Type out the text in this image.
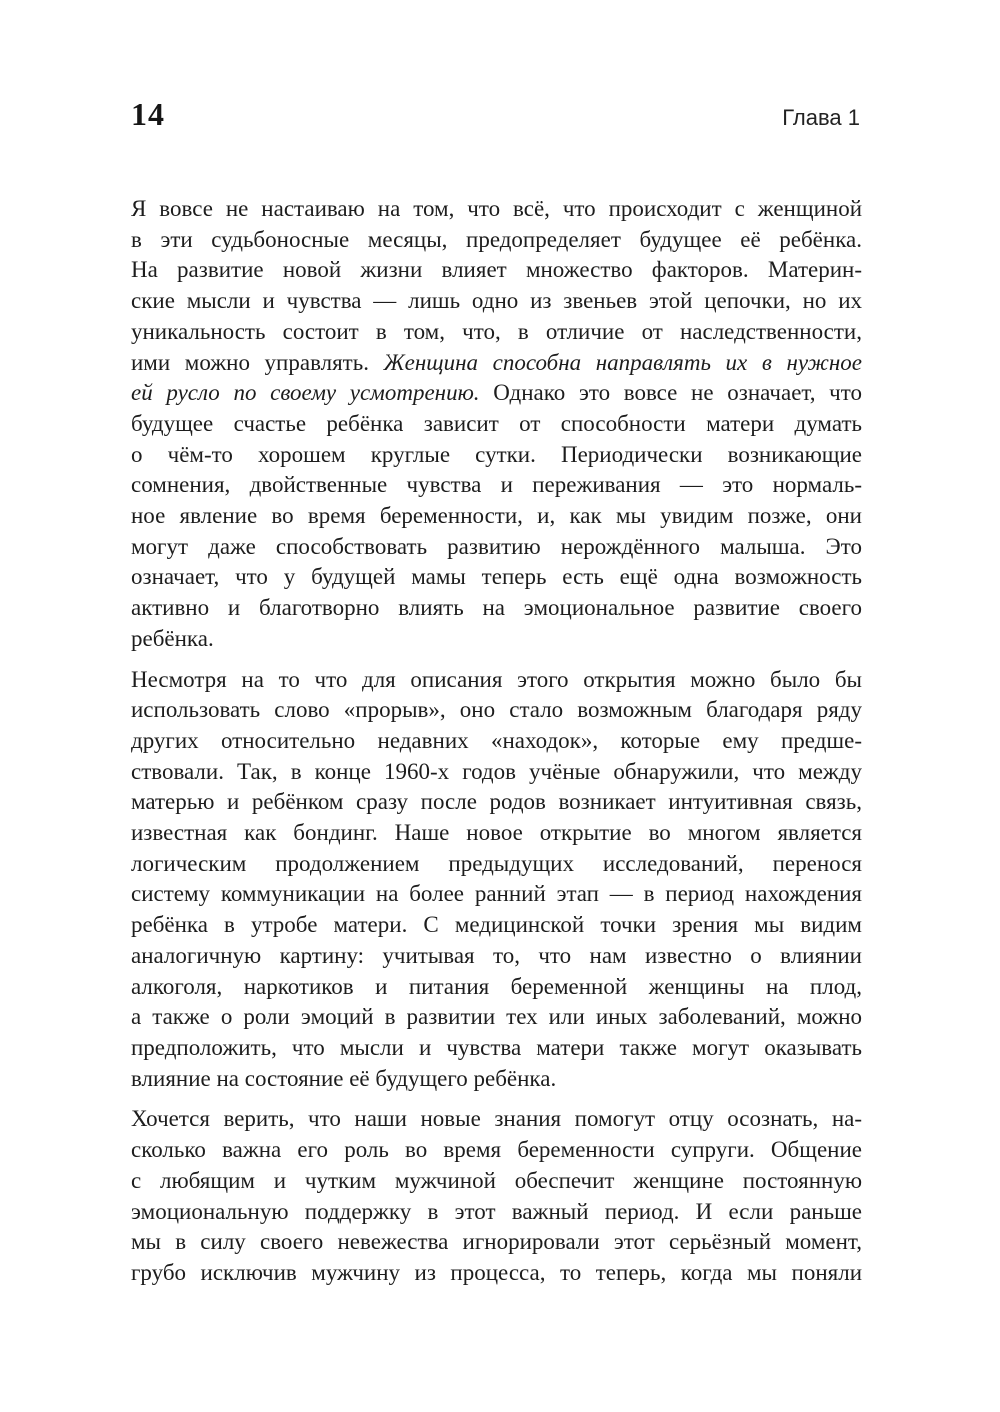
14	Глава 1
Я вовсе не настаиваю на том, что всё, что происходит с женщиной
в эти судьбоносные месяцы, предопределяет будущее её ребёнка.
На развитие новой жизни влияет множество факторов. Материн-
ские мысли и чувства — лишь одно из звеньев этой цепочки, но их
уникальность состоит в том, что, в отличие от наследственности,
ими можно управлять. Женщина способна направлять их в нужное
ей русло по своему усмотрению. Однако это вовсе не означает, что
будущее счастье ребёнка зависит от способности матери думать
о чём-то хорошем круглые сутки. Периодически возникающие
сомнения, двойственные чувства и переживания — это нормаль-
ное явление во время беременности, и, как мы увидим позже, они
могут даже способствовать развитию нерождённого малыша. Это
означает, что у будущей мамы теперь есть ещё одна возможность
активно и благотворно влиять на эмоциональное развитие своего
ребёнка.
Несмотря на то что для описания этого открытия можно было бы
использовать слово «прорыв», оно стало возможным благодаря ряду
других относительно недавних «находок», которые ему предше-
ствовали. Так, в конце 1960-х годов учёные обнаружили, что между
матерью и ребёнком сразу после родов возникает интуитивная связь,
известная как бондинг. Наше новое открытие во многом является
логическим продолжением предыдущих исследований, перенося
систему коммуникации на более ранний этап — в период нахождения
ребёнка в утробе матери. С медицинской точки зрения мы видим
аналогичную картину: учитывая то, что нам известно о влиянии
алкоголя, наркотиков и питания беременной женщины на плод,
а также о роли эмоций в развитии тех или иных заболеваний, можно
предположить, что мысли и чувства матери также могут оказывать
влияние на состояние её будущего ребёнка.
Хочется верить, что наши новые знания помогут отцу осознать, на-
сколько важна его роль во время беременности супруги. Общение
с любящим и чутким мужчиной обеспечит женщине постоянную
эмоциональную поддержку в этот важный период. И если раньше
мы в силу своего невежества игнорировали этот серьёзный момент,
грубо исключив мужчину из процесса, то теперь, когда мы поняли
